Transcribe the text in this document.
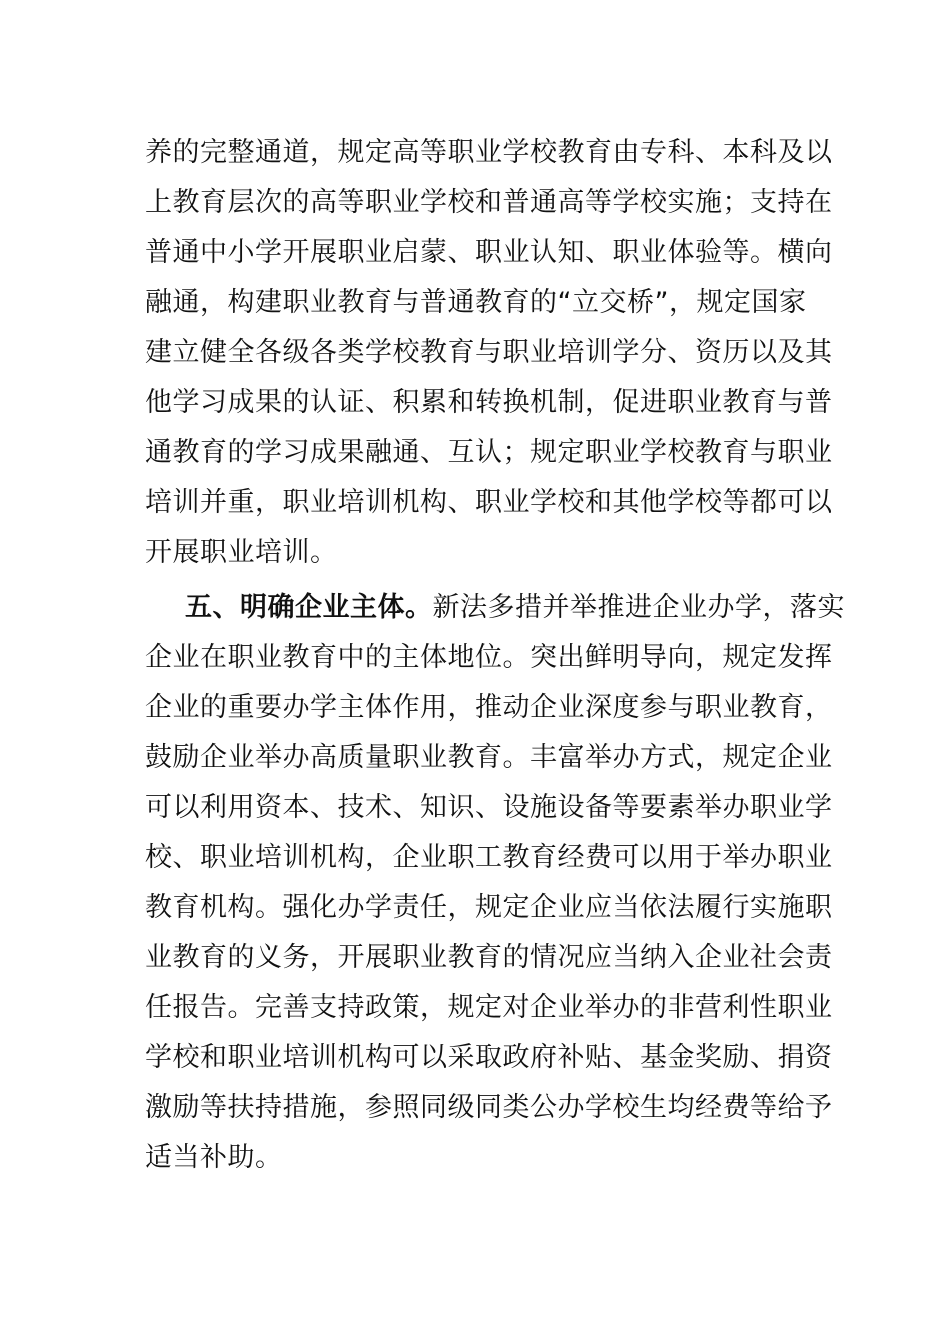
养的完整通道，规定高等职业学校教育由专科、本科及以
上教育层次的高等职业学校和普通高等学校实施；支持在
普通中小学开展职业启蒙、职业认知、职业体验等。横向
融通，构建职业教育与普通教育的“立交桥”，规定国家
建立健全各级各类学校教育与职业培训学分、资历以及其
他学习成果的认证、积累和转换机制，促进职业教育与普
通教育的学习成果融通、互认；规定职业学校教育与职业
培训并重，职业培训机构、职业学校和其他学校等都可以
开展职业培训。
五、明确企业主体。新法多措并举推进企业办学，落实
企业在职业教育中的主体地位。突出鲜明导向，规定发挥
企业的重要办学主体作用，推动企业深度参与职业教育，
鼓励企业举办高质量职业教育。丰富举办方式，规定企业
可以利用资本、技术、知识、设施设备等要素举办职业学
校、职业培训机构，企业职工教育经费可以用于举办职业
教育机构。强化办学责任，规定企业应当依法履行实施职
业教育的义务，开展职业教育的情况应当纳入企业社会责
任报告。完善支持政策，规定对企业举办的非营利性职业
学校和职业培训机构可以采取政府补贴、基金奖励、捐资
激励等扶持措施，参照同级同类公办学校生均经费等给予
适当补助。
